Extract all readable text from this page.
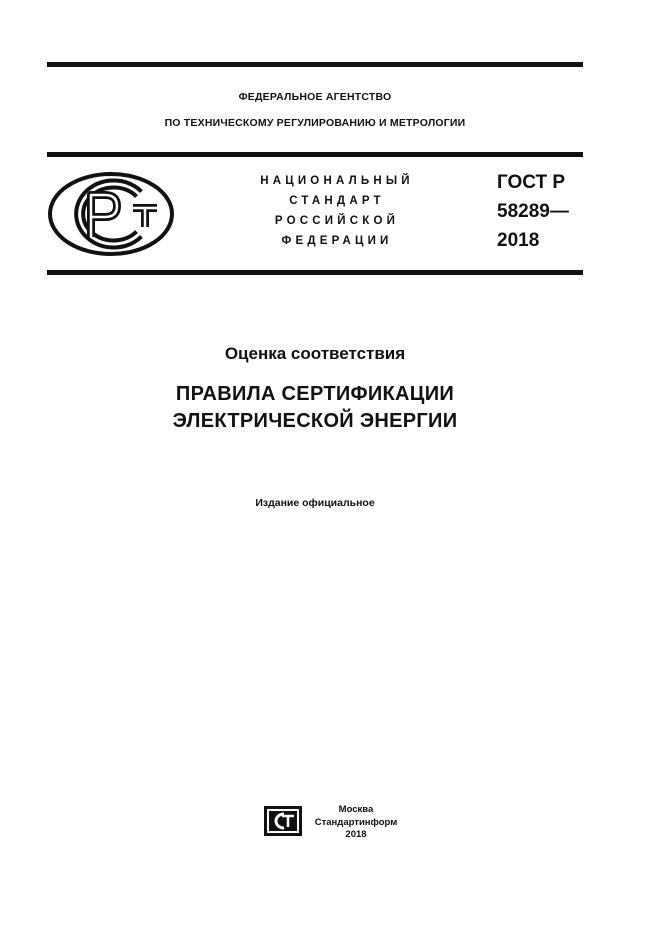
ФЕДЕРАЛЬНОЕ АГЕНТСТВО
ПО ТЕХНИЧЕСКОМУ РЕГУЛИРОВАНИЮ И МЕТРОЛОГИИ
НАЦИОНАЛЬНЫЙ
СТАНДАРТ
РОССИЙСКОЙ
ФЕДЕРАЦИИ
ГОСТ Р
58289—
2018
Оценка соответствия
ПРАВИЛА СЕРТИФИКАЦИИ
ЭЛЕКТРИЧЕСКОЙ ЭНЕРГИИ
Издание официальное
Москва
Стандартинформ
2018
